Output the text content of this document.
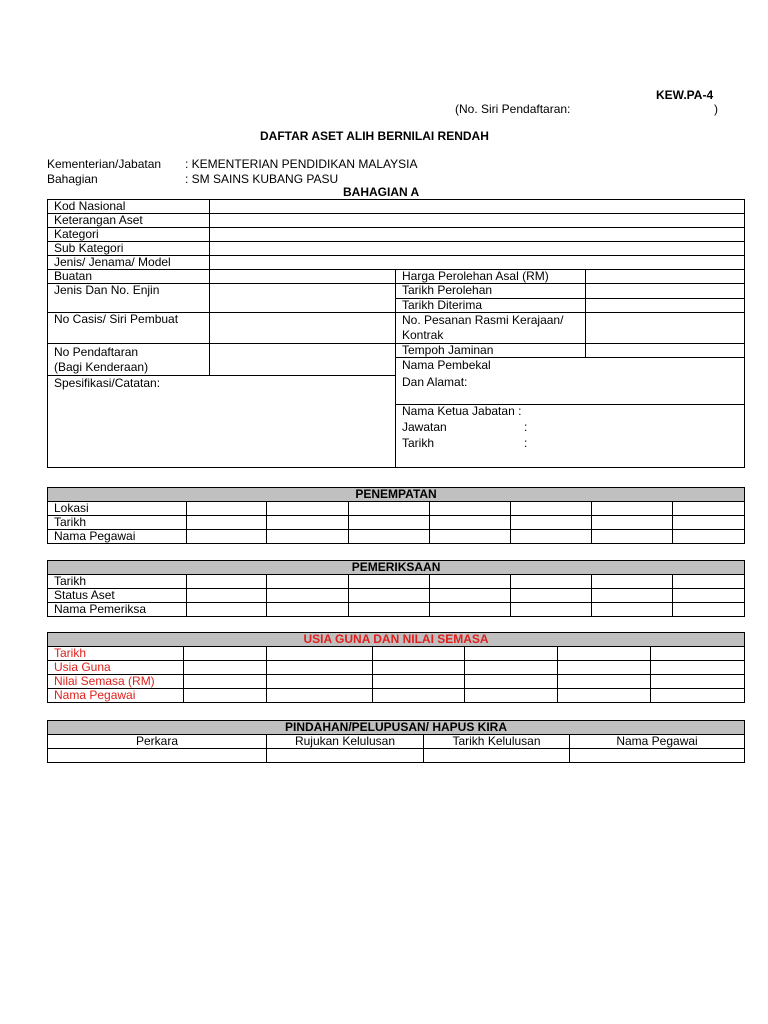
KEW.PA-4
(No. Siri Pendaftaran:	)
DAFTAR ASET ALIH BERNILAI RENDAH
Kementerian/Jabatan : KEMENTERIAN PENDIDIKAN MALAYSIA
Bahagian	: SM SAINS KUBANG PASU
BAHAGIAN A
Kod Nasional			
Keterangan Aset			
Kategori			
Sub Kategori			
Jenis/ Jenama/ Model			
Buatan		Harga Perolehan Asal (RM)	
Jenis Dan No. Enjin		Tarikh Perolehan	
		Tarikh Diterima	
No Casis/ Siri Pembuat		No. Pesanan Rasmi Kerajaan/
Kontrak	

No Pendaftaran
(Bagi Kenderaan)		Tempoh Jaminan	

		Nama Pembekal
Dan Alamat:	

Spesifikasi/Catatan:			

		Nama Ketua Jabatan :
Jawatan :
Tarikh :	
PENEMPATAN							
Lokasi							
Tarikh							
Nama Pegawai							
PEMERIKSAAN							
Tarikh							
Status Aset							
Nama Pemeriksa							
USIA GUNA DAN NILAI SEMASA						
Tarikh						
Usia Guna						
Nilai Semasa (RM)						
Nama Pegawai						
PINDAHAN/PELUPUSAN/ HAPUS KIRA			
Perkara	Rujukan Kelulusan	Tarikh Kelulusan	Nama Pegawai
